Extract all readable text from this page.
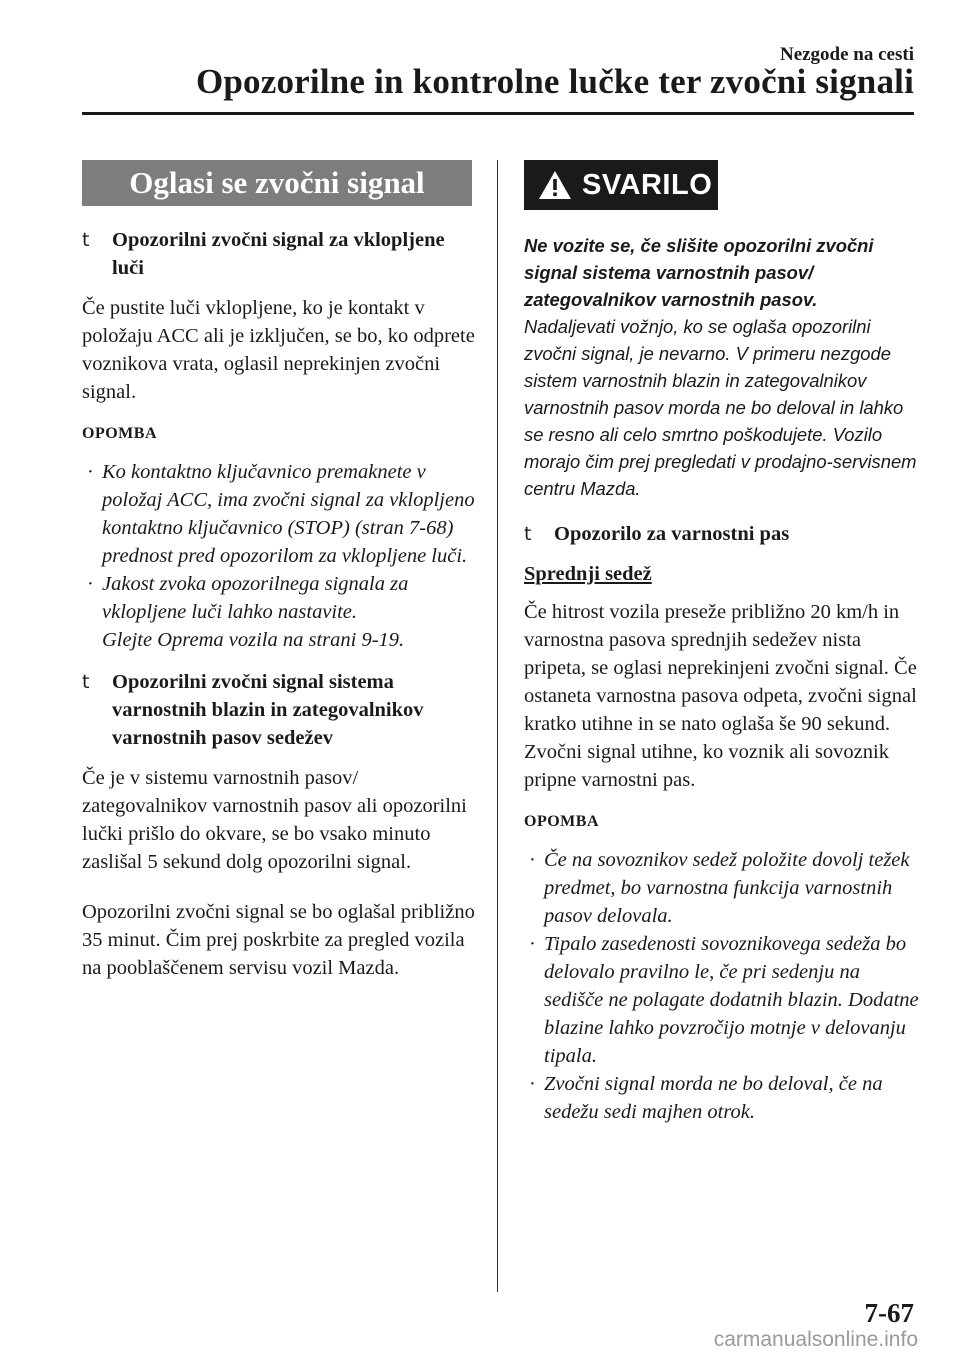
Nezgode na cesti
Opozorilne in kontrolne lučke ter zvočni signali
Oglasi se zvočni signal
t Opozorilni zvočni signal za vklopljene luči

Če pustite luči vklopljene, ko je kontakt v položaju ACC ali je izključen, se bo, ko odprete voznikova vrata, oglasil neprekinjen zvočni signal.

OPOMBA
· Ko kontaktno ključavnico premaknete v položaj ACC, ima zvočni signal za vklopljeno kontaktno ključavnico (STOP) (stran 7-68) prednost pred opozorilom za vklopljene luči.
· Jakost zvoka opozorilnega signala za vklopljene luči lahko nastavite.
Glejte Oprema vozila na strani 9-19.
t Opozorilni zvočni signal sistema varnostnih blazin in zategovalnikov varnostnih pasov sedežev

Če je v sistemu varnostnih pasov/ zategovalnikov varnostnih pasov ali opozorilni lučki prišlo do okvare, se bo vsako minuto zaslišal 5 sekund dolg opozorilni signal.

Opozorilni zvočni signal se bo oglašal približno 35 minut. Čim prej poskrbite za pregled vozila na pooblaščenem servisu vozil Mazda.

SVARILO
Ne vozite se, če slišite opozorilni zvočni signal sistema varnostnih pasov/ zategovalnikov varnostnih pasov.
Nadaljevati vožnjo, ko se oglaša opozorilni zvočni signal, je nevarno. V primeru nezgode sistem varnostnih blazin in zategovalnikov varnostnih pasov morda ne bo deloval in lahko se resno ali celo smrtno poškodujete. Vozilo morajo čim prej pregledati v prodajno-servisnem centru Mazda.
t Opozorilo za varnostni pas
Sprednji sedež

Če hitrost vozila preseže približno 20 km/h in varnostna pasova sprednjih sedežev nista pripeta, se oglasi neprekinjeni zvočni signal. Če ostaneta varnostna pasova odpeta, zvočni signal kratko utihne in se nato oglaša še 90 sekund. Zvočni signal utihne, ko voznik ali sovoznik pripne varnostni pas.

OPOMBA
· Če na sovoznikov sedež položite dovolj težek predmet, bo varnostna funkcija varnostnih pasov delovala.
· Tipalo zasedenosti sovoznikovega sedeža bo delovalo pravilno le, če pri sedenju na sedišče ne polagate dodatnih blazin. Dodatne blazine lahko povzročijo motnje v delovanju tipala.
· Zvočni signal morda ne bo deloval, če na sedežu sedi majhen otrok.
7-67
carmanualsonline.info
